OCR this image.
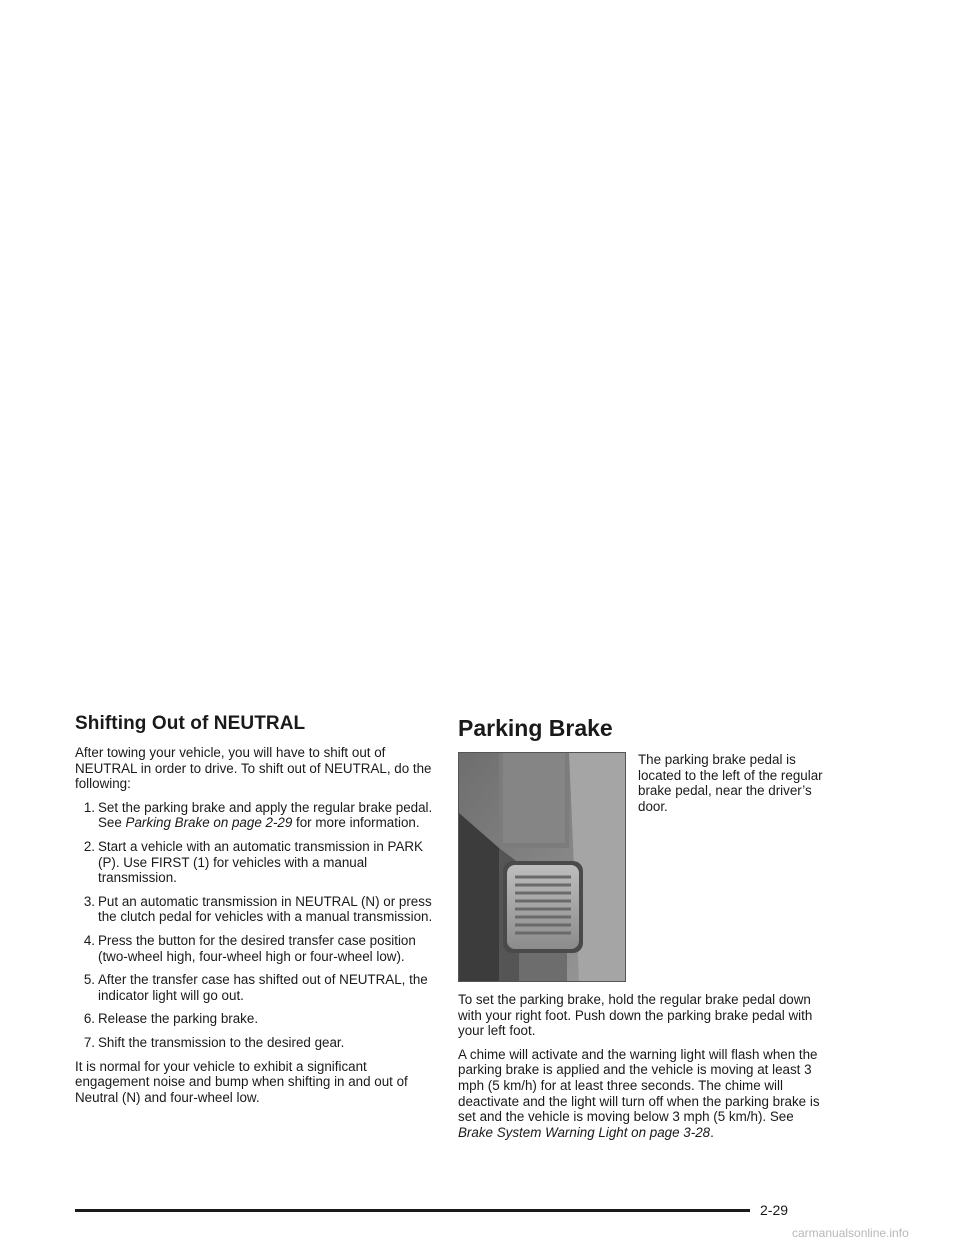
Shifting Out of NEUTRAL

After towing your vehicle, you will have to shift out of NEUTRAL in order to drive. To shift out of NEUTRAL, do the following:

1. Set the parking brake and apply the regular brake pedal. See Parking Brake on page 2-29 for more information.
2. Start a vehicle with an automatic transmission in PARK (P). Use FIRST (1) for vehicles with a manual transmission.
3. Put an automatic transmission in NEUTRAL (N) or press the clutch pedal for vehicles with a manual transmission.
4. Press the button for the desired transfer case position (two-wheel high, four-wheel high or four-wheel low).
5. After the transfer case has shifted out of NEUTRAL, the indicator light will go out.
6. Release the parking brake.
7. Shift the transmission to the desired gear.

It is normal for your vehicle to exhibit a significant engagement noise and bump when shifting in and out of Neutral (N) and four-wheel low.

Parking Brake

The parking brake pedal is located to the left of the regular brake pedal, near the driver’s door.

To set the parking brake, hold the regular brake pedal down with your right foot. Push down the parking brake pedal with your left foot.

A chime will activate and the warning light will flash when the parking brake is applied and the vehicle is moving at least 3 mph (5 km/h) for at least three seconds. The chime will deactivate and the light will turn off when the parking brake is set and the vehicle is moving below 3 mph (5 km/h). See Brake System Warning Light on page 3-28.

2-29
carmanualsonline.info
